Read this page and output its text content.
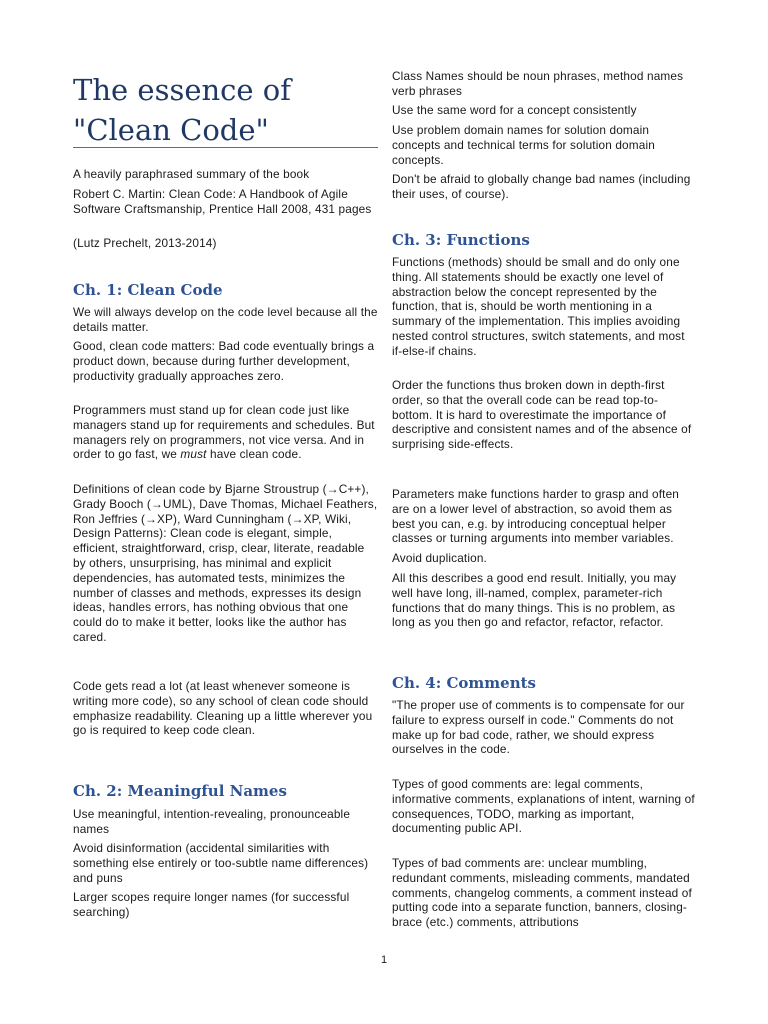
The essence of "Clean Code"

A heavily paraphrased summary of the book

Robert C. Martin: Clean Code: A Handbook of Agile Software Craftsmanship, Prentice Hall 2008, 431 pages

(Lutz Prechelt, 2013-2014)

Ch. 1: Clean Code

We will always develop on the code level because all the details matter.

Good, clean code matters: Bad code eventually brings a product down, because during further development, productivity gradually approaches zero.

Programmers must stand up for clean code just like managers stand up for requirements and schedules. But managers rely on programmers, not vice versa. And in order to go fast, we must have clean code.

Definitions of clean code by Bjarne Stroustrup (→C++), Grady Booch (→UML), Dave Thomas, Michael Feathers, Ron Jeffries (→XP), Ward Cunningham (→XP, Wiki, Design Patterns): Clean code is elegant, simple, efficient, straightforward, crisp, clear, literate, readable by others, unsurprising, has minimal and explicit dependencies, has automated tests, minimizes the number of classes and methods, expresses its design ideas, handles errors, has nothing obvious that one could do to make it better, looks like the author has cared.

Code gets read a lot (at least whenever someone is writing more code), so any school of clean code should emphasize readability. Cleaning up a little wherever you go is required to keep code clean.

Ch. 2: Meaningful Names

Use meaningful, intention-revealing, pronounceable names

Avoid disinformation (accidental similarities with something else entirely or too-subtle name differences) and puns

Larger scopes require longer names (for successful searching)

Class Names should be noun phrases, method names verb phrases

Use the same word for a concept consistently

Use problem domain names for solution domain concepts and technical terms for solution domain concepts.

Don't be afraid to globally change bad names (including their uses, of course).

Ch. 3: Functions

Functions (methods) should be small and do only one thing. All statements should be exactly one level of abstraction below the concept represented by the function, that is, should be worth mentioning in a summary of the implementation. This implies avoiding nested control structures, switch statements, and most if-else-if chains.

Order the functions thus broken down in depth-first order, so that the overall code can be read top-to-bottom. It is hard to overestimate the importance of descriptive and consistent names and of the absence of surprising side-effects.

Parameters make functions harder to grasp and often are on a lower level of abstraction, so avoid them as best you can, e.g. by introducing conceptual helper classes or turning arguments into member variables.

Avoid duplication.

All this describes a good end result. Initially, you may well have long, ill-named, complex, parameter-rich functions that do many things. This is no problem, as long as you then go and refactor, refactor, refactor.

Ch. 4: Comments

"The proper use of comments is to compensate for our failure to express ourself in code." Comments do not make up for bad code, rather, we should express ourselves in the code.

Types of good comments are: legal comments, informative comments, explanations of intent, warning of consequences, TODO, marking as important, documenting public API.

Types of bad comments are: unclear mumbling, redundant comments, misleading comments, mandated comments, changelog comments, a comment instead of putting code into a separate function, banners, closing-brace (etc.) comments, attributions

1
